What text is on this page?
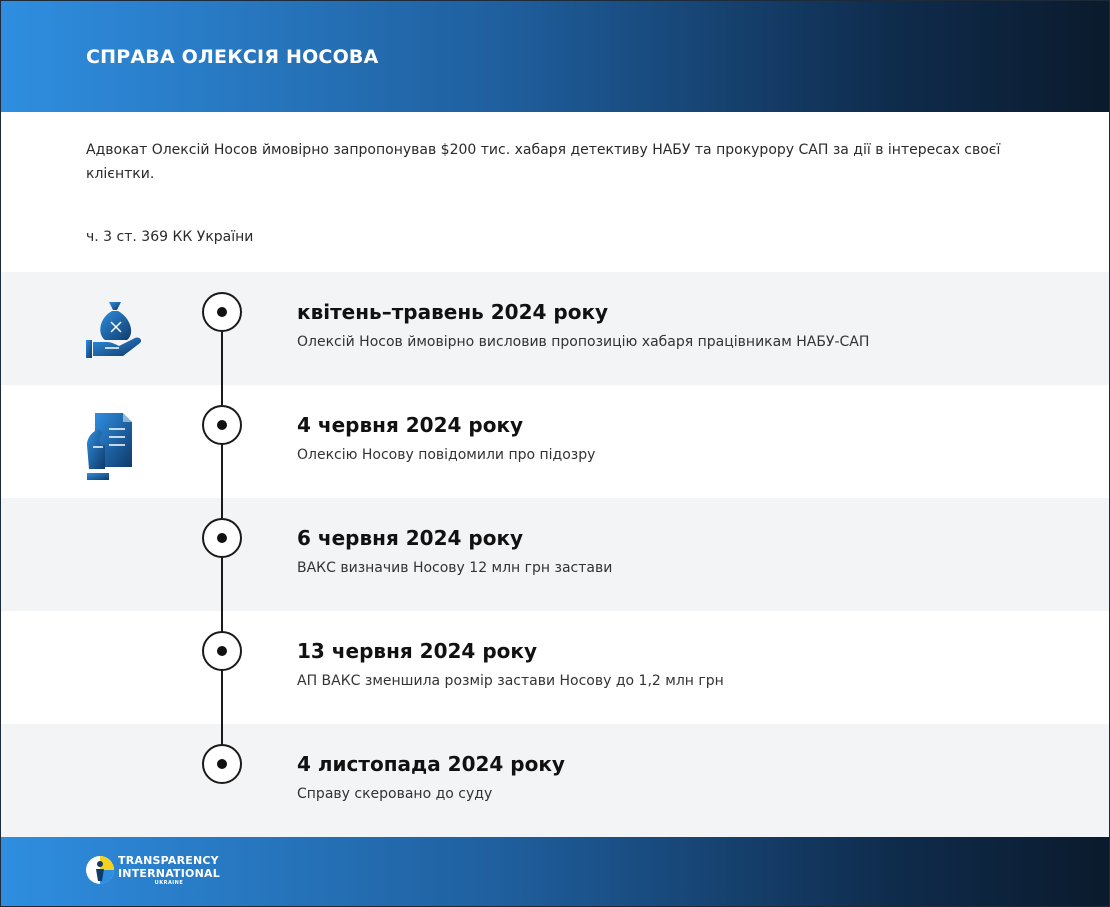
СПРАВА ОЛЕКСІЯ НОСОВА
Адвокат Олексій Носов ймовірно запропонував $200 тис. хабаря детективу НАБУ та прокурору САП за дії в інтересах своєї клієнтки.
ч. 3 ст. 369 КК України
квітень–травень 2024 року
Олексій Носов ймовірно висловив пропозицію хабаря працівникам НАБУ-САП
4 червня 2024 року
Олексію Носову повідомили про підозру
6 червня 2024 року
ВАКС визначив Носову 12 млн грн застави
13 червня 2024 року
АП ВАКС зменшила розмір застави Носову до 1,2 млн грн
4 листопада 2024 року
Справу скеровано до суду
TRANSPARENCY
INTERNATIONAL
UKRAINE
